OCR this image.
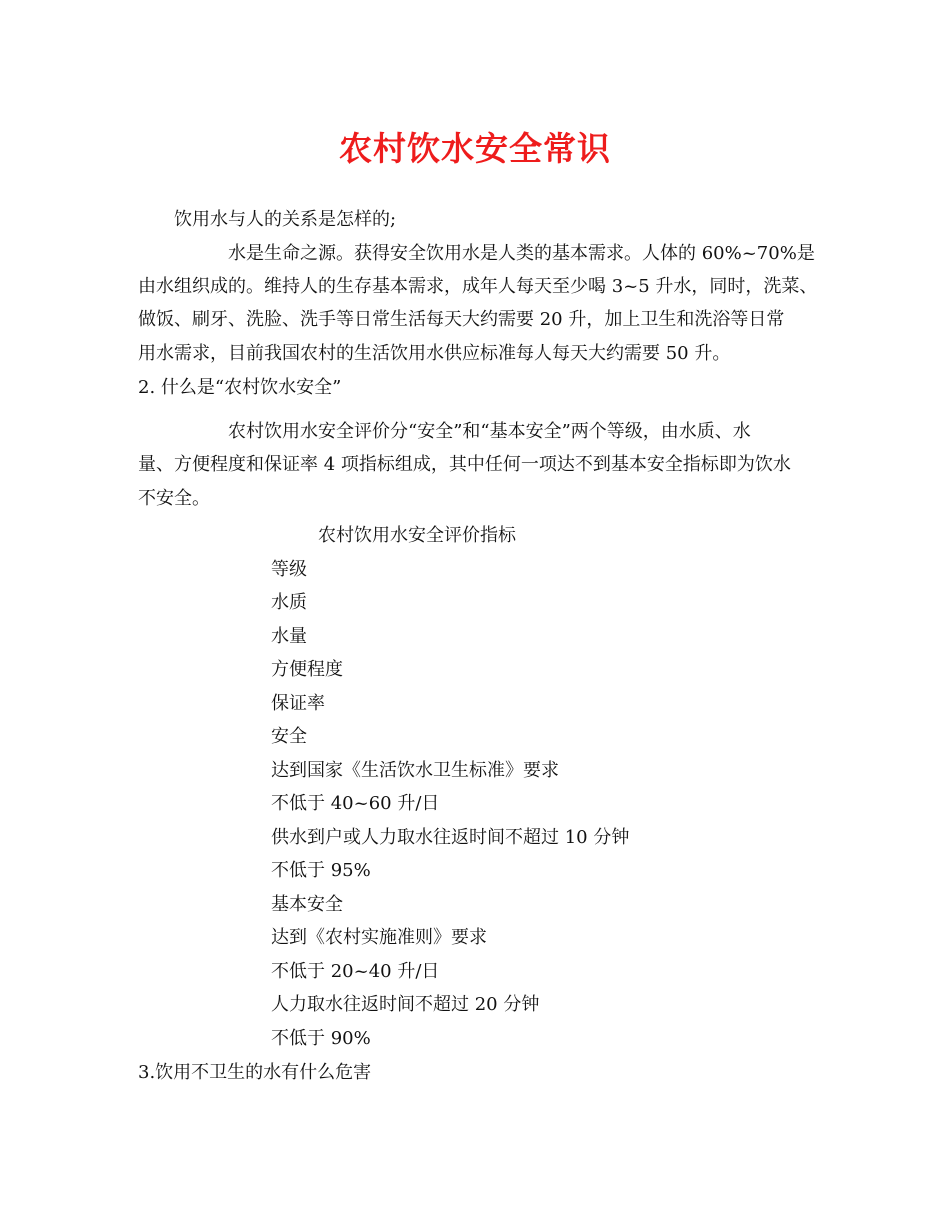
农村饮水安全常识
饮用水与人的关系是怎样的;
水是生命之源。获得安全饮用水是人类的基本需求。人体的 60%~70%是
由水组织成的。维持人的生存基本需求，成年人每天至少喝 3~5 升水，同时，洗菜、
做饭、刷牙、洗脸、洗手等日常生活每天大约需要 20 升，加上卫生和洗浴等日常
用水需求，目前我国农村的生活饮用水供应标准每人每天大约需要 50 升。
2. 什么是“农村饮水安全”
农村饮用水安全评价分“安全”和“基本安全”两个等级，由水质、水
量、方便程度和保证率 4 项指标组成，其中任何一项达不到基本安全指标即为饮水
不安全。
农村饮用水安全评价指标
等级
水质
水量
方便程度
保证率
安全
达到国家《生活饮水卫生标准》要求
不低于 40~60 升/日
供水到户或人力取水往返时间不超过 10 分钟
不低于 95%
基本安全
达到《农村实施准则》要求
不低于 20~40 升/日
人力取水往返时间不超过 20 分钟
不低于 90%
3.饮用不卫生的水有什么危害
